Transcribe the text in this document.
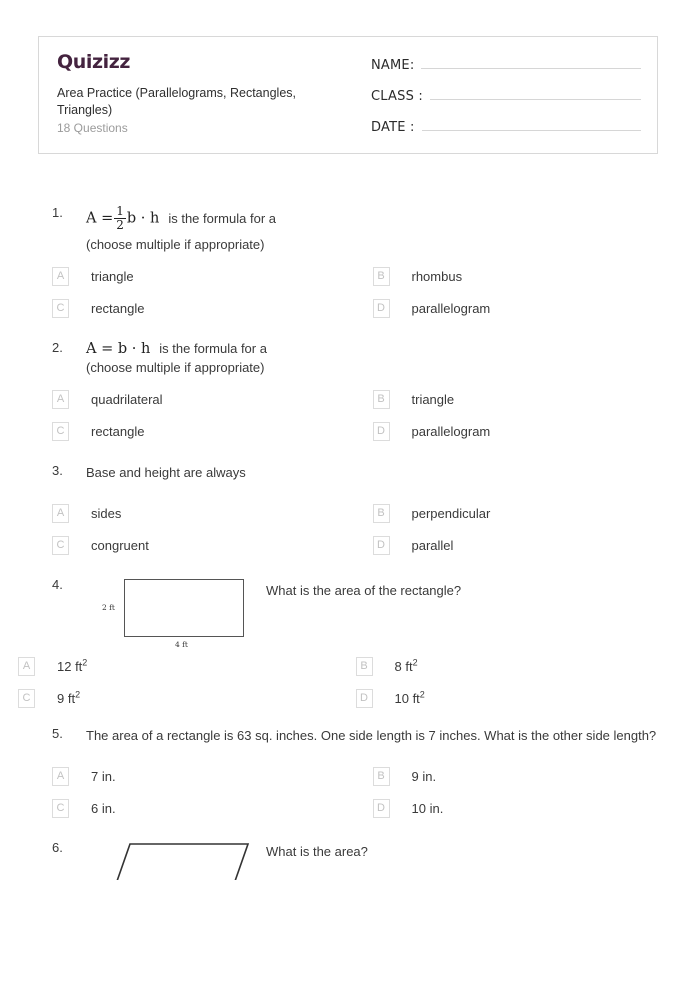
Quizizz
Area Practice (Parallelograms, Rectangles, Triangles)
18 Questions
NAME:
CLASS :
DATE :
1.	$A = \frac{1}{2}$ b · h is the formula for a
(choose multiple if appropriate)
A	triangle	B	rhombus
C	rectangle	D	parallelogram
2.	A = b · h is the formula for a
(choose multiple if appropriate)
A	quadrilateral	B	triangle
C	rectangle	D	parallelogram
3.	Base and height are always
A	sides	B	perpendicular
C	congruent	D	parallel
4.
2 ft
4 ft
What is the area of the rectangle?
A	12 $ft^2$	B	8 $ft^2$
C	9 $ft^2$	D	10 $ft^2$
5.	The area of a rectangle is 63 sq. inches. One side length is 7 inches. What is the other side length?
A	7 in.	B	9 in.
C	6 in.	D	10 in.
6.	What is the area?
